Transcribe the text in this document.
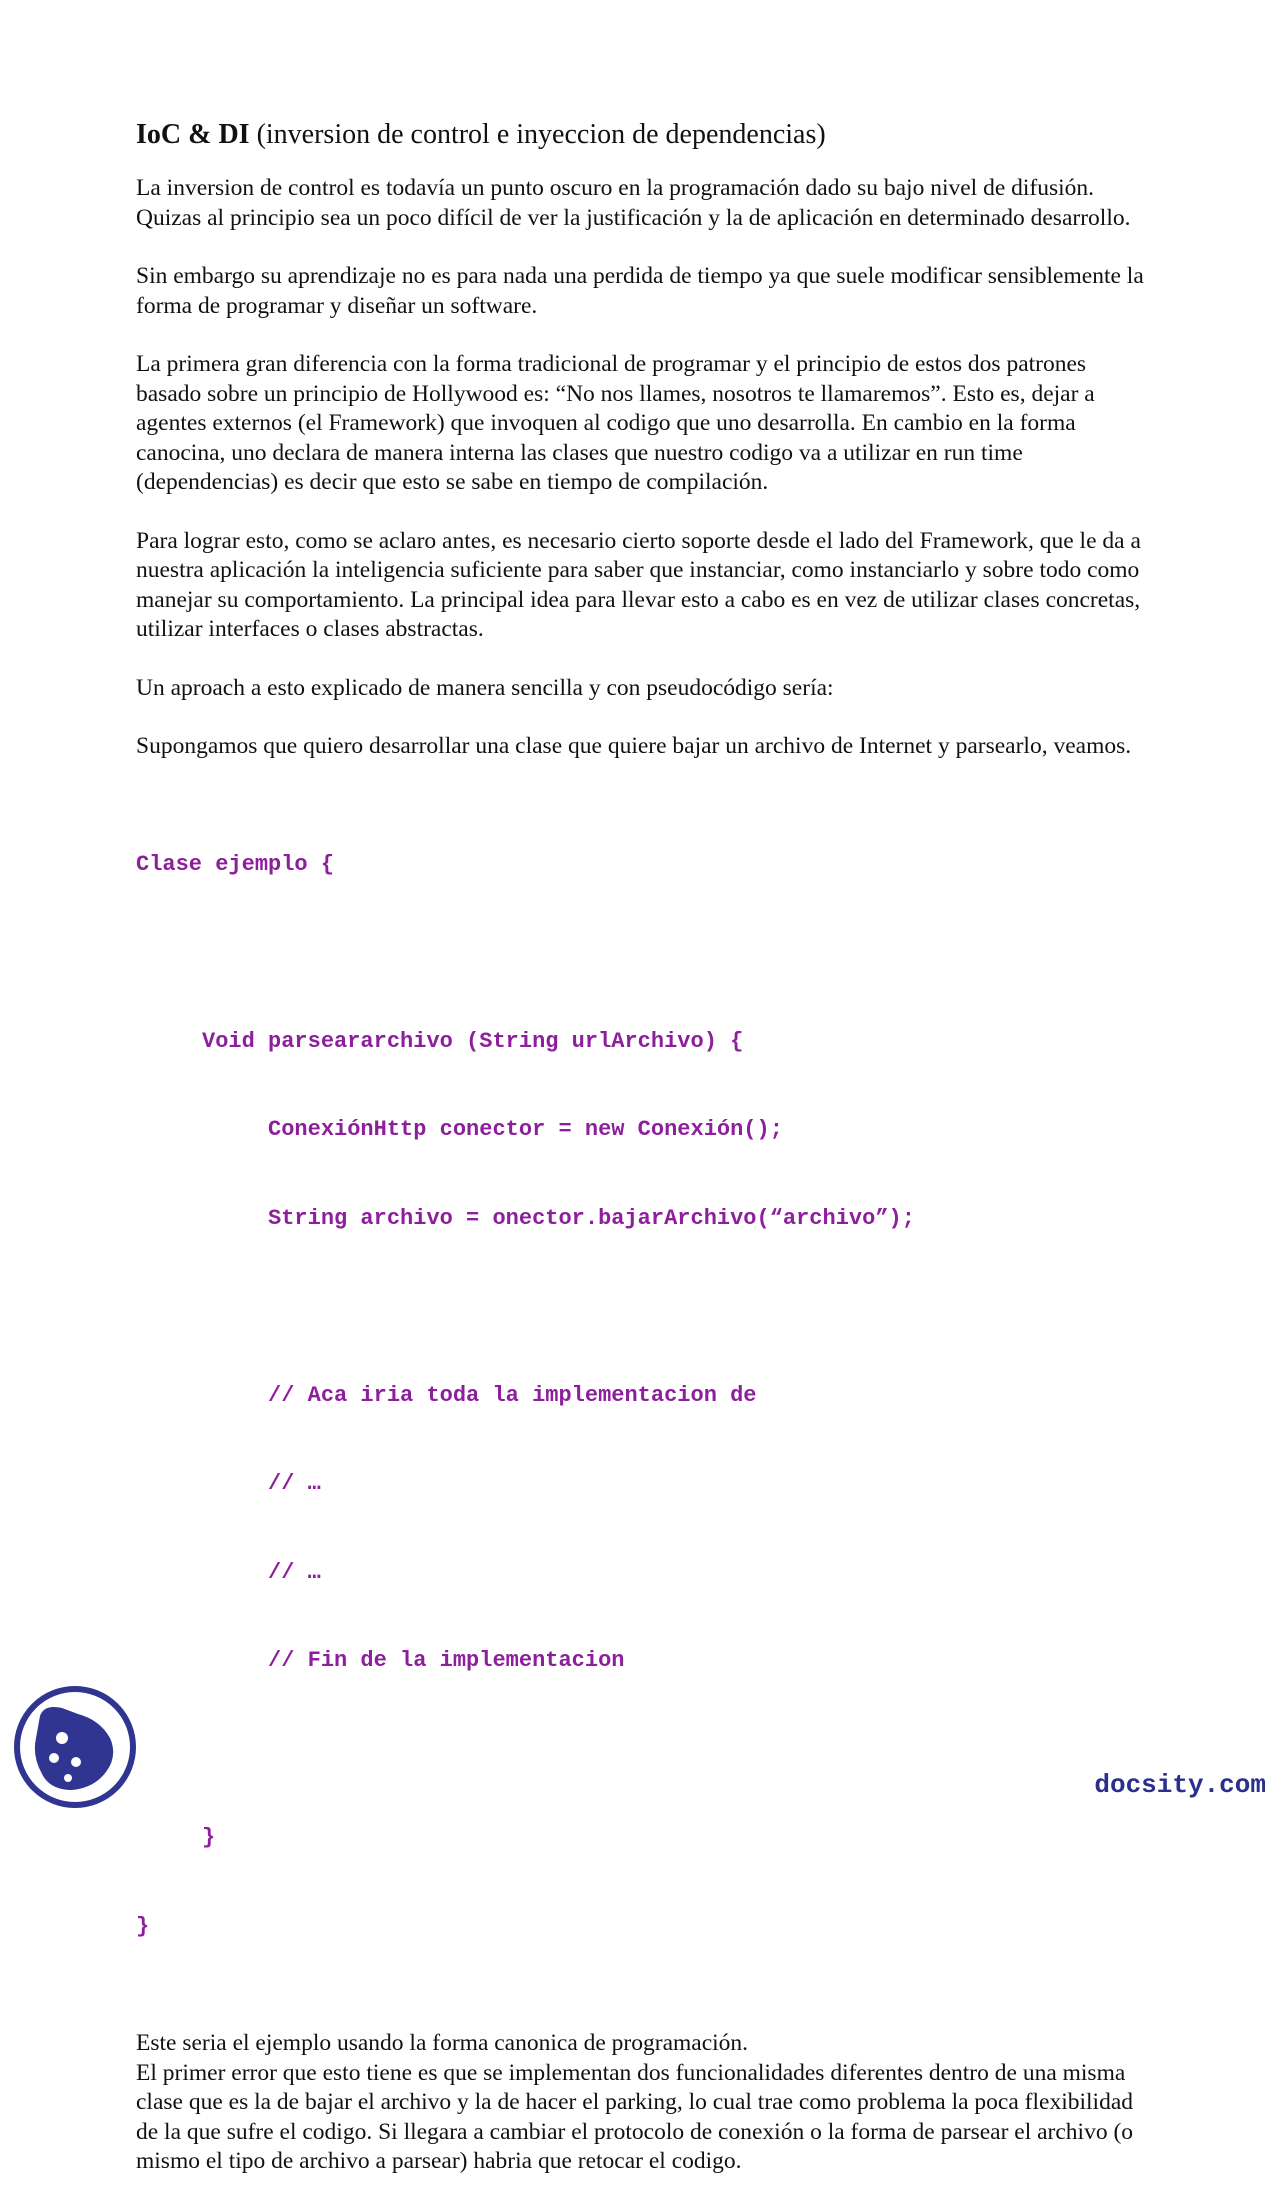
IoC & DI (inversion de control e inyeccion de dependencias)

La inversion de control es todavía un punto oscuro en la programación dado su bajo nivel de difusión. Quizas al principio sea un poco difícil de ver la justificación y la de aplicación en determinado desarrollo.

Sin embargo su aprendizaje no es para nada una perdida de tiempo ya que suele modificar sensiblemente la forma de programar y diseñar un software.

La primera gran diferencia con la forma tradicional de programar y el principio de estos dos patrones basado sobre un principio de Hollywood es: “No nos llames, nosotros te llamaremos”. Esto es, dejar a agentes externos (el Framework) que invoquen al codigo que uno desarrolla. En cambio en la forma canocina, uno declara de manera interna las clases que nuestro codigo va a utilizar en run time (dependencias) es decir que esto se sabe en tiempo de compilación.

Para lograr esto, como se aclaro antes, es necesario cierto soporte desde el lado del Framework, que le da a nuestra aplicación la inteligencia suficiente para saber que instanciar, como instanciarlo y sobre todo como manejar su comportamiento. La principal idea para llevar esto a cabo es en vez de utilizar clases concretas, utilizar interfaces o clases abstractas.

Un aproach a esto explicado de manera sencilla y con pseudocódigo sería:

Supongamos que quiero desarrollar una clase que quiere bajar un archivo de Internet y parsearlo, veamos.

Clase ejemplo {

Void parseararchivo (String urlArchivo) {

ConexiónHttp conector = new Conexión();

String archivo = onector.bajarArchivo(“archivo”);

// Aca iria toda la implementacion de

// …

// …

// Fin de la implementacion

}

}

Este seria el ejemplo usando la forma canonica de programación.
El primer error que esto tiene es que se implementan dos funcionalidades diferentes dentro de una misma clase que es la de bajar el archivo y la de hacer el parking, lo cual trae como problema la poca flexibilidad de la que sufre el codigo. Si llegara a cambiar el protocolo de conexión o la forma de parsear el archivo (o mismo el tipo de archivo a parsear) habria que retocar el codigo.
docsity.com
